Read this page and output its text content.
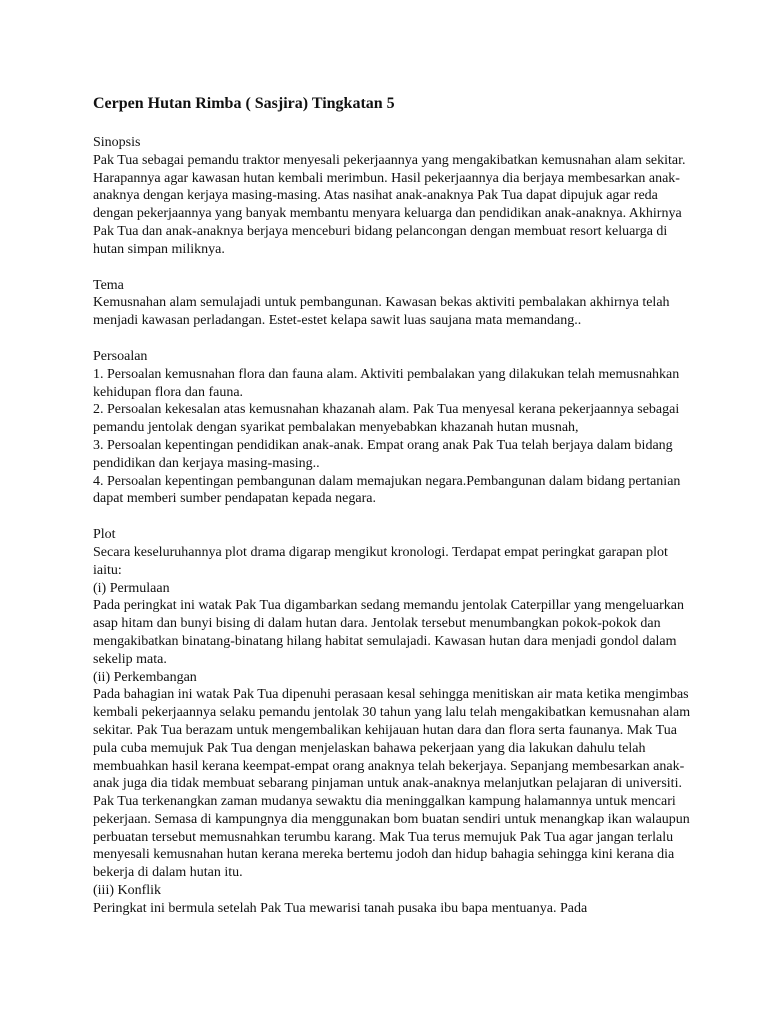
Cerpen Hutan Rimba ( Sasjira) Tingkatan 5
Sinopsis
Pak Tua sebagai pemandu traktor menyesali pekerjaannya yang mengakibatkan kemusnahan alam sekitar. Harapannya agar kawasan hutan kembali merimbun. Hasil pekerjaannya dia berjaya membesarkan anak-anaknya dengan kerjaya masing-masing. Atas nasihat anak-anaknya Pak Tua dapat dipujuk agar reda dengan pekerjaannya yang banyak membantu menyara keluarga dan pendidikan anak-anaknya. Akhirnya Pak Tua dan anak-anaknya berjaya menceburi bidang pelancongan dengan membuat resort keluarga di hutan simpan miliknya.
Tema
Kemusnahan alam semulajadi untuk pembangunan. Kawasan bekas aktiviti pembalakan akhirnya telah menjadi kawasan perladangan. Estet-estet kelapa sawit luas saujana mata memandang..
Persoalan
1. Persoalan kemusnahan flora dan fauna alam. Aktiviti pembalakan yang dilakukan telah memusnahkan kehidupan flora dan fauna.
2. Persoalan kekesalan atas kemusnahan khazanah alam. Pak Tua menyesal kerana pekerjaannya sebagai pemandu jentolak dengan syarikat pembalakan menyebabkan khazanah hutan musnah,
3. Persoalan kepentingan pendidikan anak-anak. Empat orang anak Pak Tua telah berjaya dalam bidang pendidikan dan kerjaya masing-masing..
4. Persoalan kepentingan pembangunan dalam memajukan negara.Pembangunan dalam bidang pertanian dapat memberi sumber pendapatan kepada negara.
Plot
Secara keseluruhannya plot drama digarap mengikut kronologi. Terdapat empat peringkat garapan plot iaitu:
(i) Permulaan
Pada peringkat ini watak Pak Tua digambarkan sedang memandu jentolak Caterpillar yang mengeluarkan asap hitam dan bunyi bising di dalam hutan dara. Jentolak tersebut menumbangkan pokok-pokok dan mengakibatkan binatang-binatang hilang habitat semulajadi. Kawasan hutan dara menjadi gondol dalam sekelip mata.
(ii) Perkembangan
Pada bahagian ini watak Pak Tua dipenuhi perasaan kesal sehingga menitiskan air mata ketika mengimbas kembali pekerjaannya selaku pemandu jentolak 30 tahun yang lalu telah mengakibatkan kemusnahan alam sekitar. Pak Tua berazam untuk mengembalikan kehijauan hutan dara dan flora serta faunanya. Mak Tua pula cuba memujuk Pak Tua dengan menjelaskan bahawa pekerjaan yang dia lakukan dahulu telah membuahkan hasil kerana keempat-empat orang anaknya telah bekerjaya. Sepanjang membesarkan anak-anak juga dia tidak membuat sebarang pinjaman untuk anak-anaknya melanjutkan pelajaran di universiti. Pak Tua terkenangkan zaman mudanya sewaktu dia meninggalkan kampung halamannya untuk mencari pekerjaan. Semasa di kampungnya dia menggunakan bom buatan sendiri untuk menangkap ikan walaupun perbuatan tersebut memusnahkan terumbu karang. Mak Tua terus memujuk Pak Tua agar jangan terlalu menyesali kemusnahan hutan kerana mereka bertemu jodoh dan hidup bahagia sehingga kini kerana dia bekerja di dalam hutan itu.
(iii) Konflik
Peringkat ini bermula setelah Pak Tua mewarisi tanah pusaka ibu bapa mentuanya. Pada
